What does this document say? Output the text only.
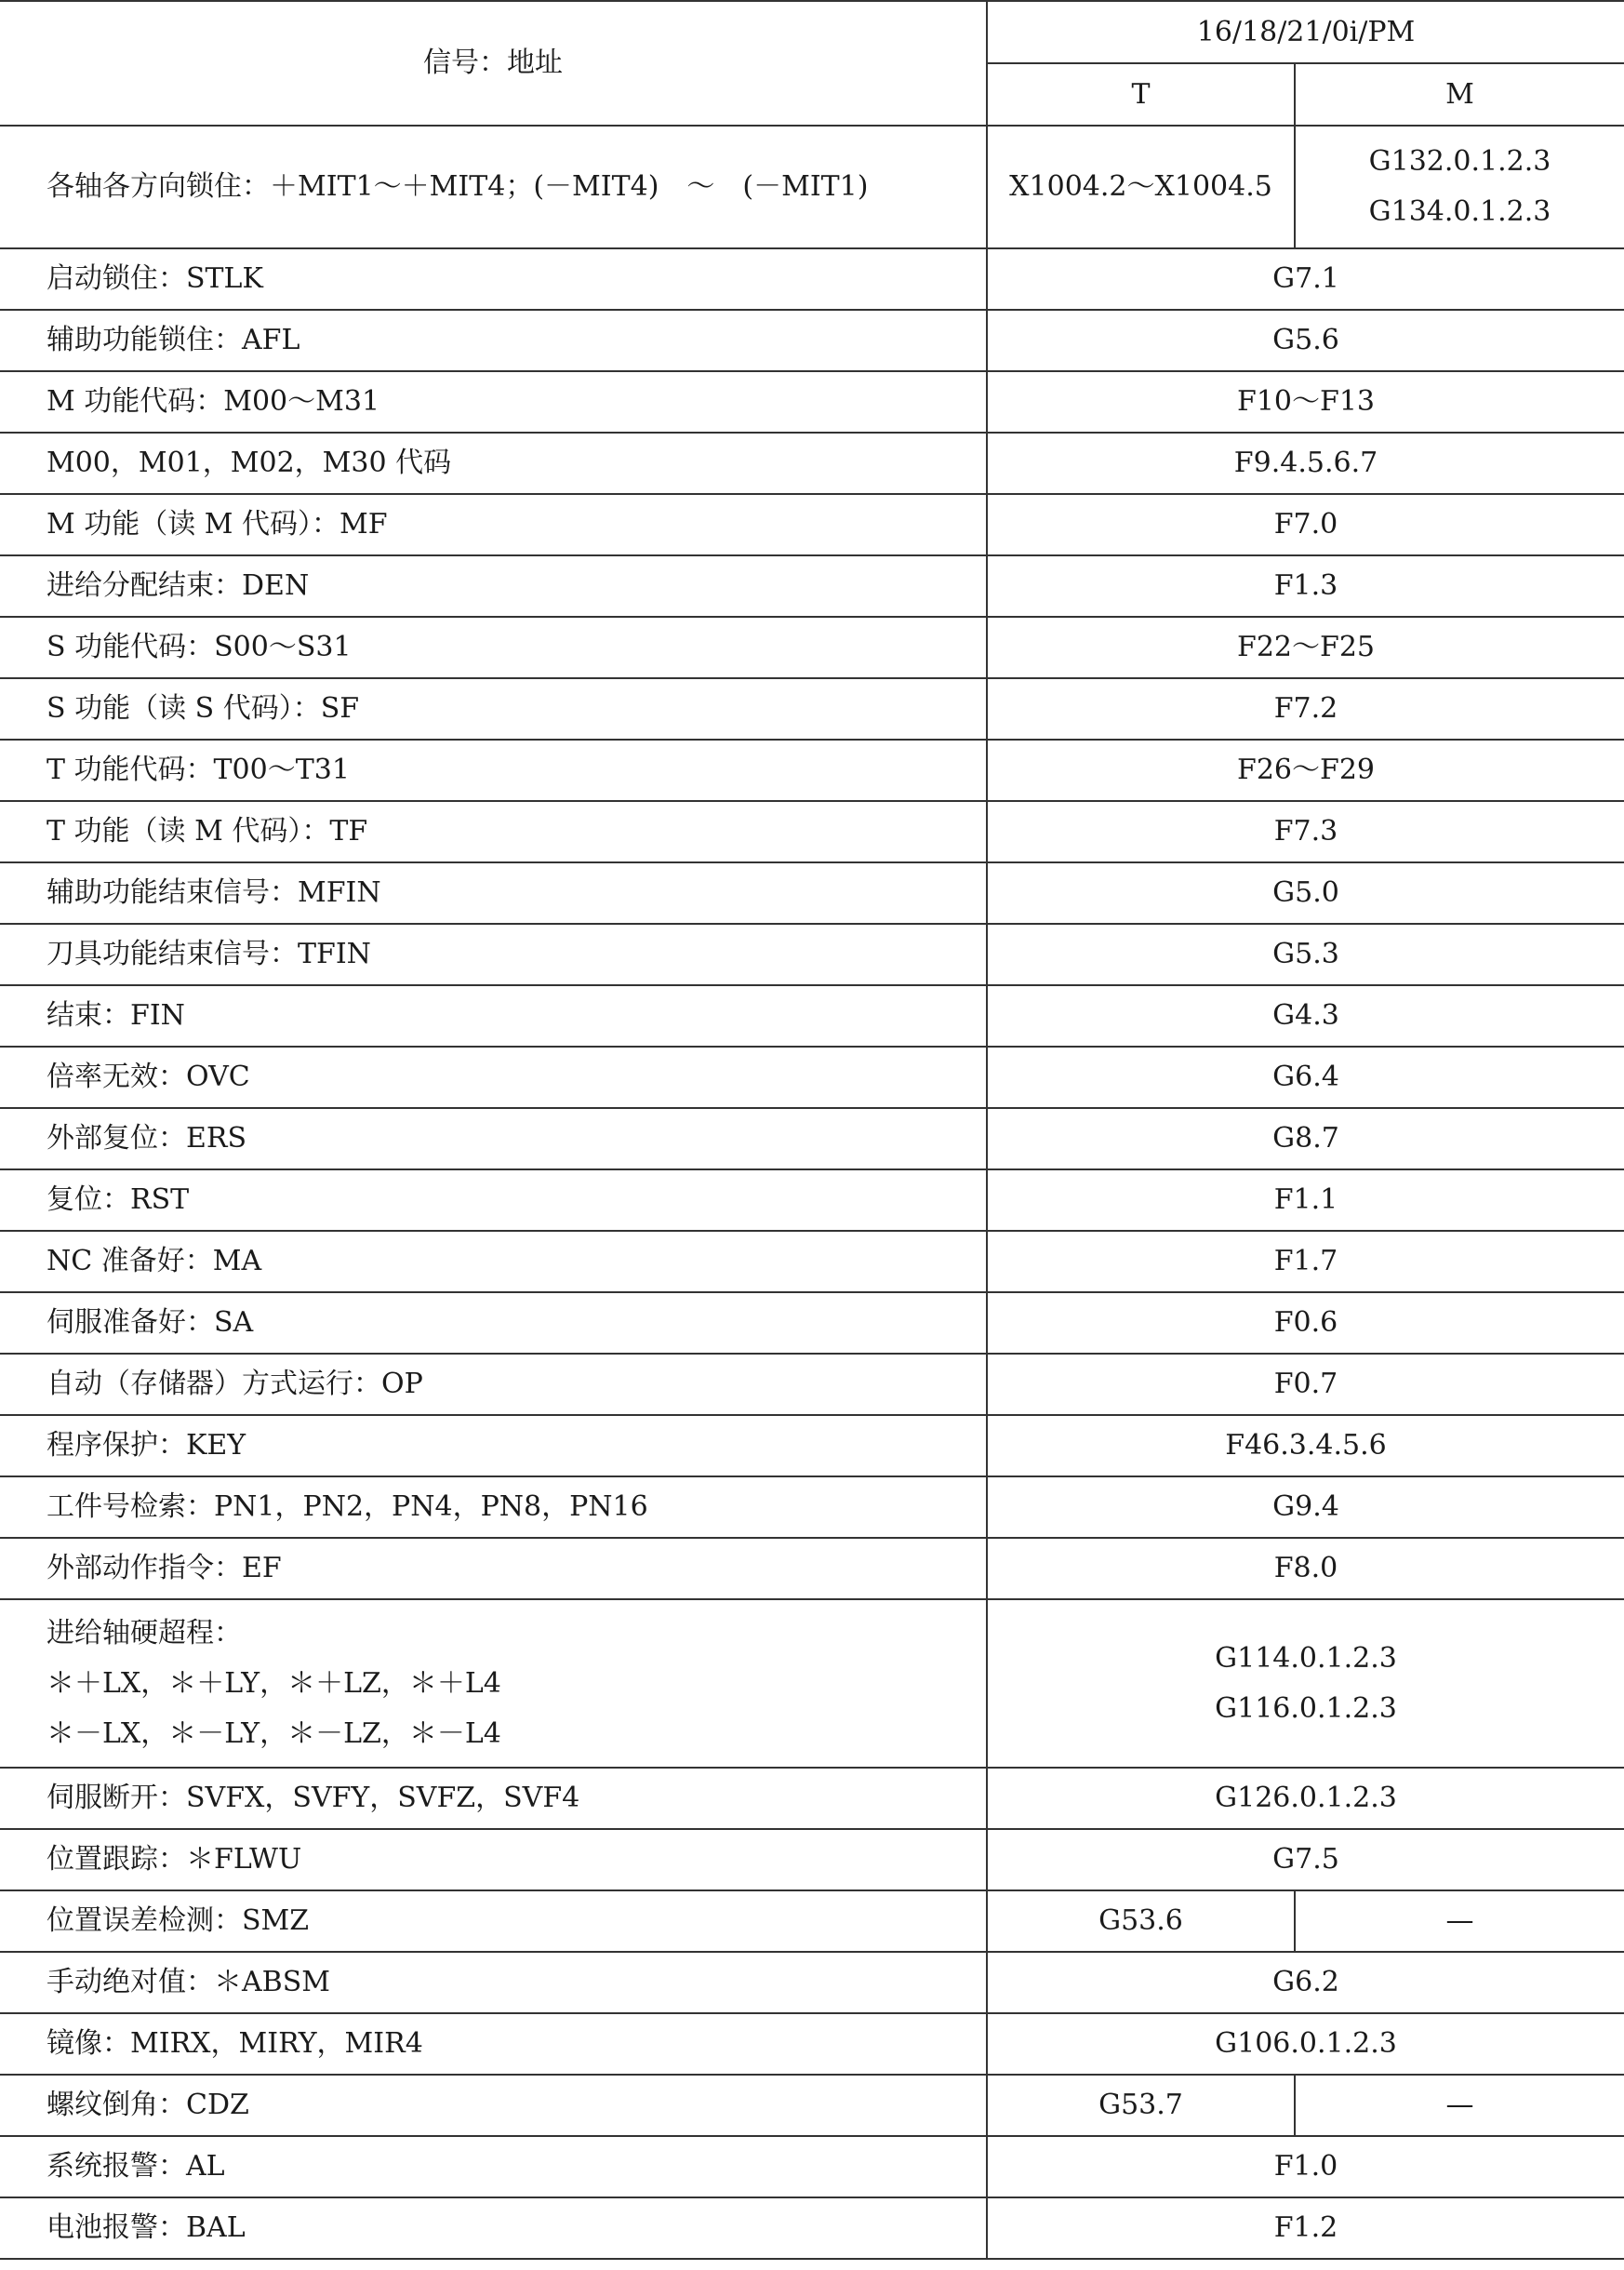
信号：地址	16/18/21/0i/PM	
	T	M

各轴各方向锁住：＋MIT1～＋MIT4；(－MIT4)　～　(－MIT1)	X1004.2～X1004.5	G132.0.1.2.3
G134.0.1.2.3

启动锁住：STLK	G7.1	

辅助功能锁住：AFL	G5.6	

M 功能代码：M00～M31	F10～F13	

M00，M01，M02，M30 代码	F9.4.5.6.7	

M 功能（读 M 代码）：MF	F7.0	

进给分配结束：DEN	F1.3	

S 功能代码：S00～S31	F22～F25	

S 功能（读 S 代码）：SF	F7.2	

T 功能代码：T00～T31	F26～F29	

T 功能（读 M 代码）：TF	F7.3	

辅助功能结束信号：MFIN	G5.0	

刀具功能结束信号：TFIN	G5.3	

结束：FIN	G4.3	

倍率无效：OVC	G6.4	

外部复位：ERS	G8.7	

复位：RST	F1.1	

NC 准备好：MA	F1.7	

伺服准备好：SA	F0.6	

自动（存储器）方式运行：OP	F0.7	

程序保护：KEY	F46.3.4.5.6	

工件号检索：PN1，PN2，PN4，PN8，PN16	G9.4	

外部动作指令：EF	F8.0	

进给轴硬超程：
＊＋LX，＊＋LY，＊＋LZ，＊＋L4
＊－LX，＊－LY，＊－LZ，＊－L4	G114.0.1.2.3
G116.0.1.2.3	

伺服断开：SVFX，SVFY，SVFZ，SVF4	G126.0.1.2.3	

位置跟踪：＊FLWU	G7.5	

位置误差检测：SMZ	G53.6	—

手动绝对值：＊ABSM	G6.2	

镜像：MIRX，MIRY，MIR4	G106.0.1.2.3	

螺纹倒角：CDZ	G53.7	—

系统报警：AL	F1.0	

电池报警：BAL	F1.2	
